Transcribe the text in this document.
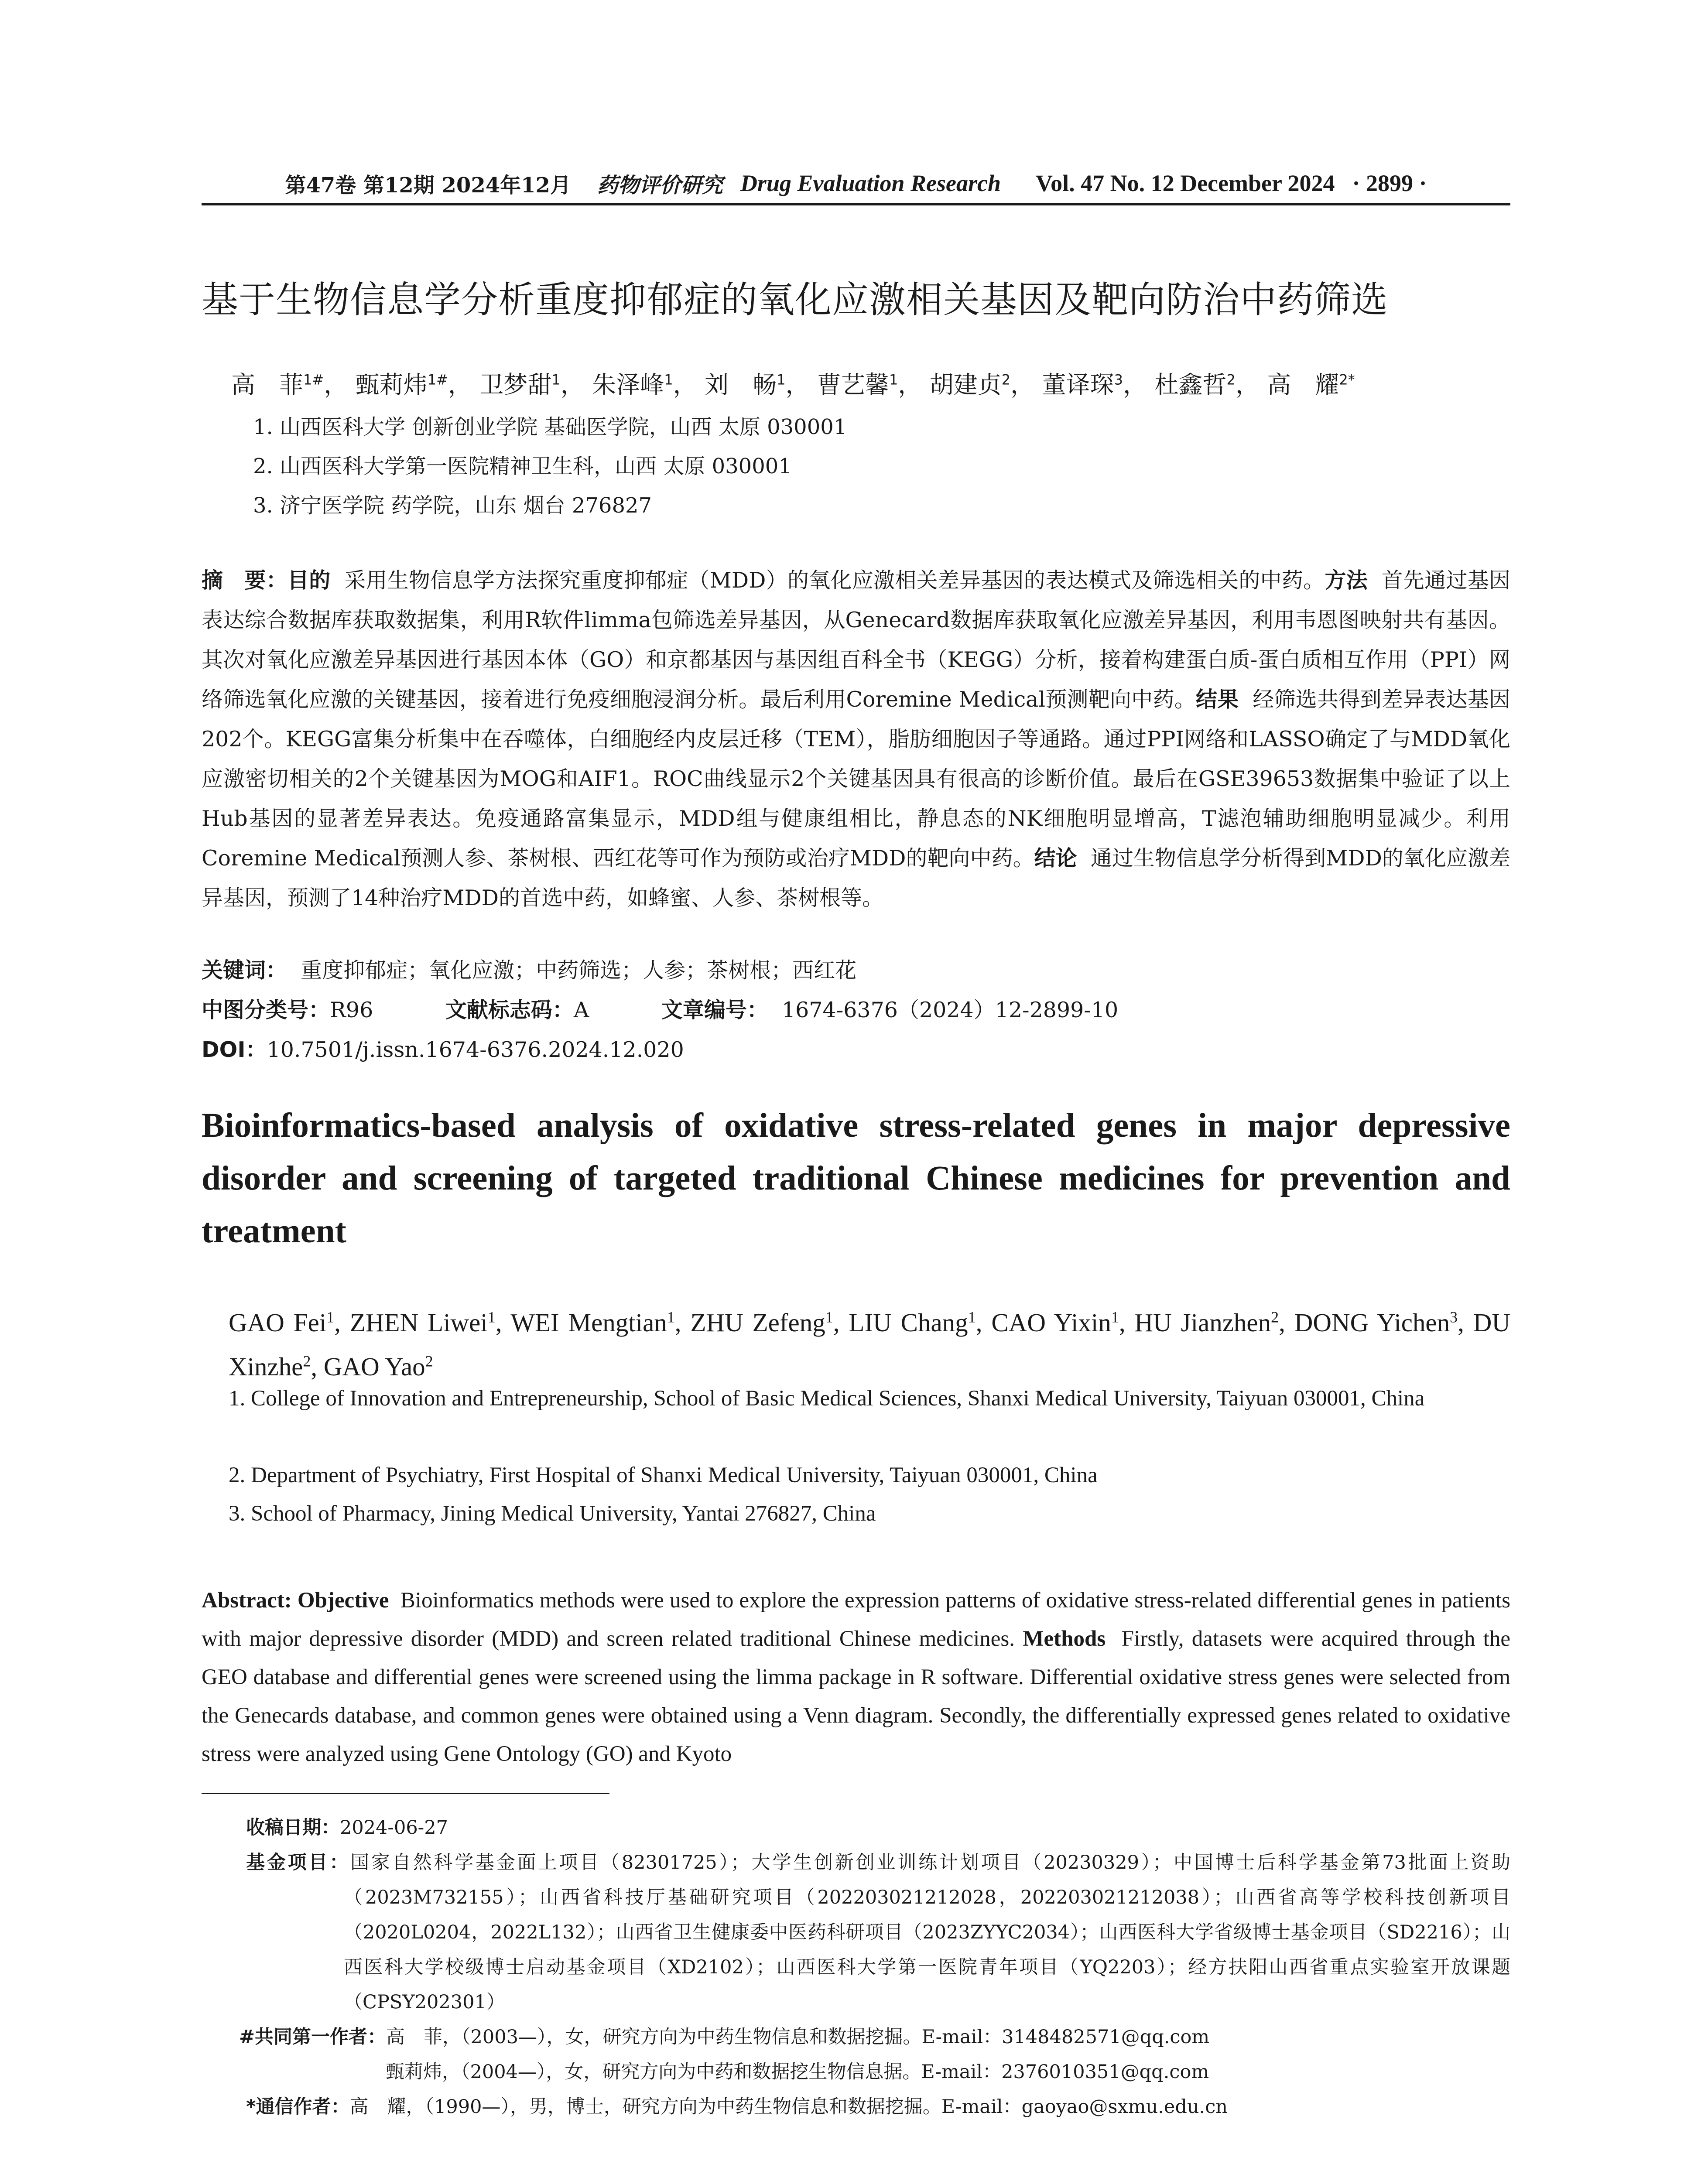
第47卷 第12期 2024年12月 药物评价研究 Drug Evaluation Research Vol. 47 No. 12 December 2024 · 2899 ·
基于生物信息学分析重度抑郁症的氧化应激相关基因及靶向防治中药筛选
高　菲$^{1\#}$， 甄莉炜$^{1\#}$， 卫梦甜$^1$， 朱泽峰$^1$， 刘　畅$^1$， 曹艺馨$^1$， 胡建贞$^2$， 董译琛$^3$， 杜鑫哲$^2$， 高　耀$^{2*}$
1. 山西医科大学 创新创业学院 基础医学院，山西 太原 030001
2. 山西医科大学第一医院精神卫生科，山西 太原 030001
3. 济宁医学院 药学院，山东 烟台 276827
摘　要：目的 采用生物信息学方法探究重度抑郁症（MDD）的氧化应激相关差异基因的表达模式及筛选相关的中药。方法 首先通过基因表达综合数据库获取数据集，利用R软件limma包筛选差异基因，从Genecard数据库获取氧化应激差异基因，利用韦恩图映射共有基因。其次对氧化应激差异基因进行基因本体（GO）和京都基因与基因组百科全书（KEGG）分析，接着构建蛋白质-蛋白质相互作用（PPI）网络筛选氧化应激的关键基因，接着进行免疫细胞浸润分析。最后利用Coremine Medical预测靶向中药。结果 经筛选共得到差异表达基因202个。KEGG富集分析集中在吞噬体，白细胞经内皮层迁移（TEM），脂肪细胞因子等通路。通过PPI网络和LASSO确定了与MDD氧化应激密切相关的2个关键基因为MOG和AIF1。ROC曲线显示2个关键基因具有很高的诊断价值。最后在GSE39653数据集中验证了以上Hub基因的显著差异表达。免疫通路富集显示，MDD组与健康组相比，静息态的NK细胞明显增高，T滤泡辅助细胞明显减少。利用Coremine Medical预测人参、茶树根、西红花等可作为预防或治疗MDD的靶向中药。结论 通过生物信息学分析得到MDD的氧化应激差异基因，预测了14种治疗MDD的首选中药，如蜂蜜、人参、茶树根等。
关键词： 重度抑郁症；氧化应激；中药筛选；人参；茶树根；西红花
中图分类号：R96	文献标志码：A	文章编号： 1674-6376（2024）12-2899-10
DOI：10.7501/j.issn.1674-6376.2024.12.020
Bioinformatics-based analysis of oxidative stress-related genes in major depressive disorder and screening of targeted traditional Chinese medicines for prevention and treatment
GAO Fei$^1$, ZHEN Liwei$^1$, WEI Mengtian$^1$, ZHU Zefeng$^1$, LIU Chang$^1$, CAO Yixin$^1$, HU Jianzhen$^2$, DONG Yichen$^3$, DU Xinzhe$^2$, GAO Yao$^2$
1. College of Innovation and Entrepreneurship, School of Basic Medical Sciences, Shanxi Medical University, Taiyuan 030001, China
2. Department of Psychiatry, First Hospital of Shanxi Medical University, Taiyuan 030001, China
3. School of Pharmacy, Jining Medical University, Yantai 276827, China
Abstract: Objective Bioinformatics methods were used to explore the expression patterns of oxidative stress-related differential genes in patients with major depressive disorder (MDD) and screen related traditional Chinese medicines. Methods Firstly, datasets were acquired through the GEO database and differential genes were screened using the limma package in R software. Differential oxidative stress genes were selected from the Genecards database, and common genes were obtained using a Venn diagram. Secondly, the differentially expressed genes related to oxidative stress were analyzed using Gene Ontology (GO) and Kyoto
收稿日期：2024-06-27
基金项目：国家自然科学基金面上项目（82301725）；大学生创新创业训练计划项目（20230329）；中国博士后科学基金第73批面上资助（2023M732155）；山西省科技厅基础研究项目（202203021212028，202203021212038）；山西省高等学校科技创新项目（2020L0204，2022L132）；山西省卫生健康委中医药科研项目（2023ZYYC2034）；山西医科大学省级博士基金项目（SD2216）；山西医科大学校级博士启动基金项目（XD2102）；山西医科大学第一医院青年项目（YQ2203）；经方扶阳山西省重点实验室开放课题（CPSY202301）
#共同第一作者：高　菲，（2003—），女，研究方向为中药生物信息和数据挖掘。E-mail：3148482571@qq.com
甄莉炜，（2004—），女，研究方向为中药和数据挖生物信息据。E-mail：2376010351@qq.com
*通信作者：高　耀，（1990—），男，博士，研究方向为中药生物信息和数据挖掘。E-mail：gaoyao@sxmu.edu.cn
